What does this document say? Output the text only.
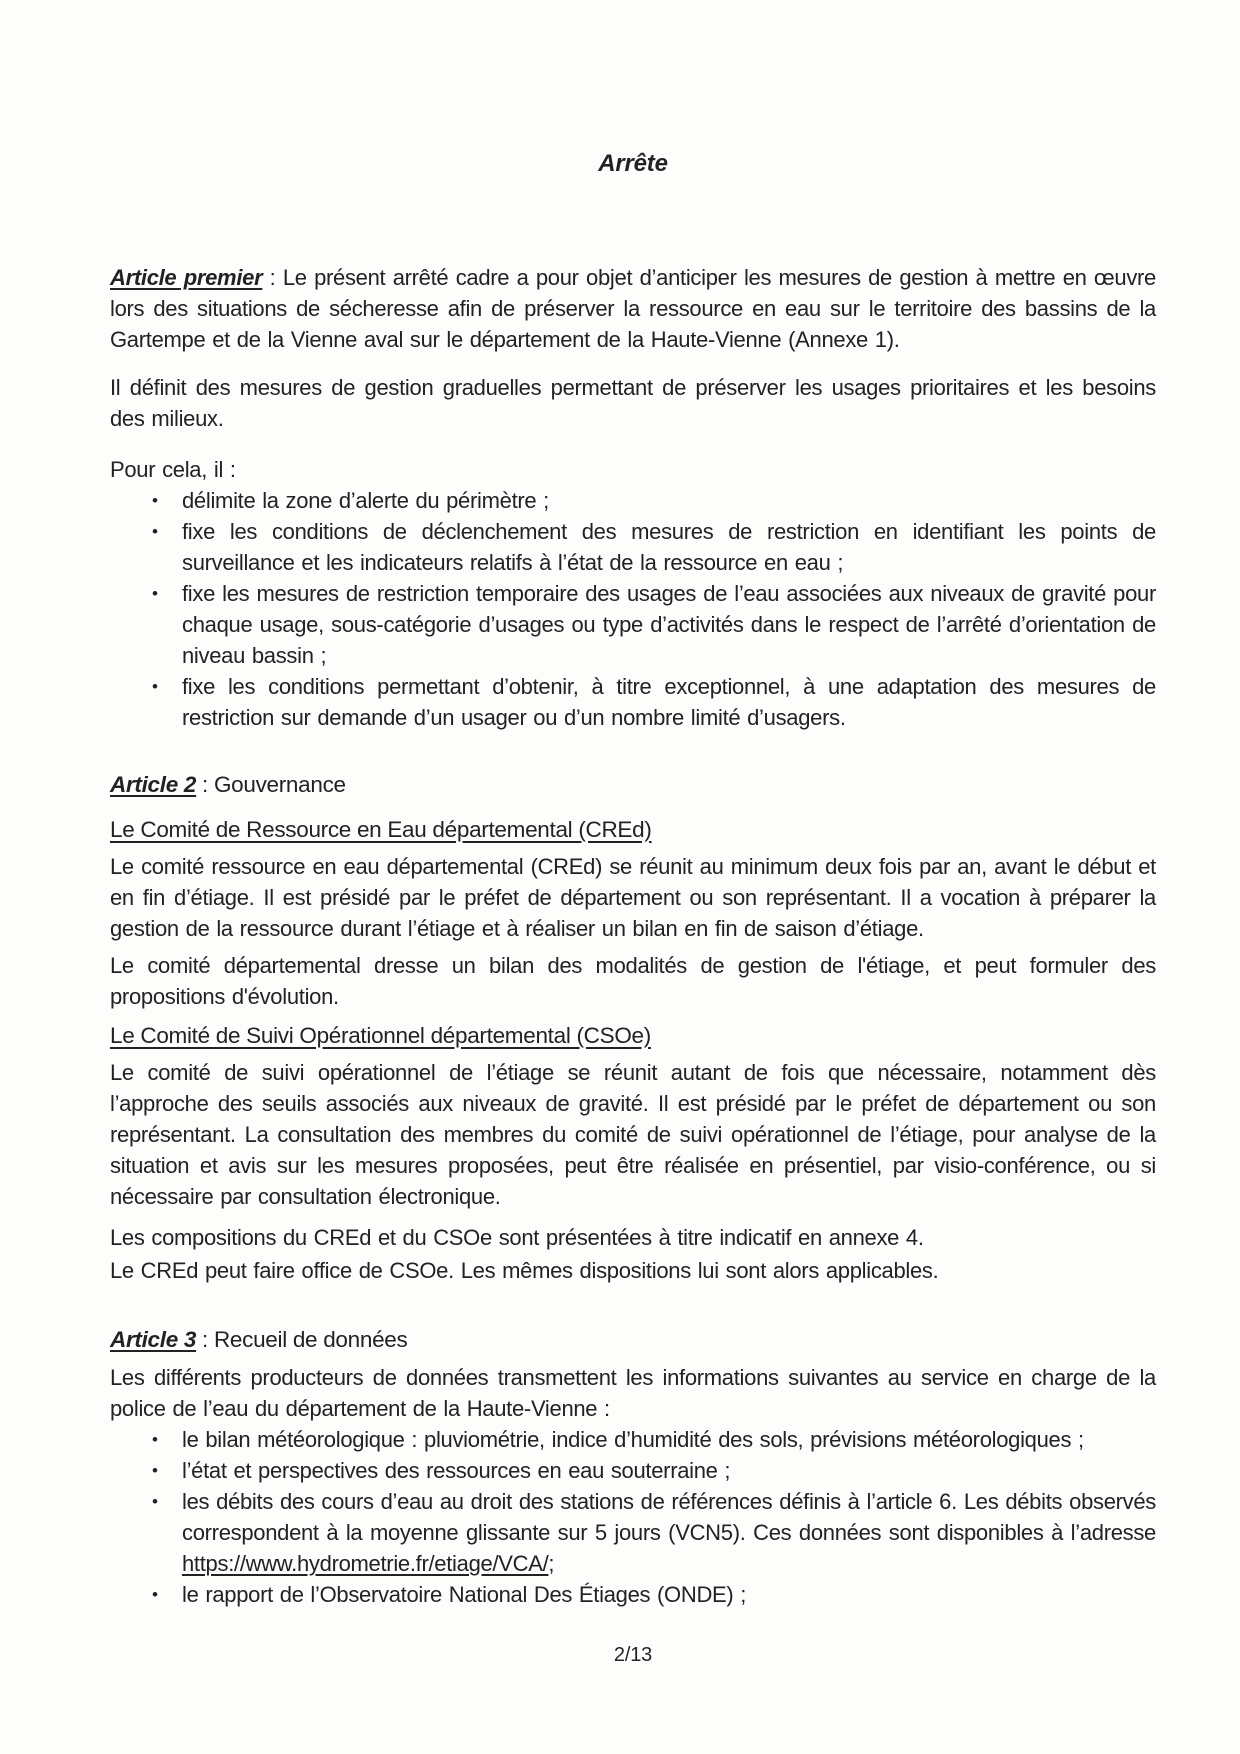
Arrête

Article premier : Le présent arrêté cadre a pour objet d’anticiper les mesures de gestion à mettre en œuvre lors des situations de sécheresse afin de préserver la ressource en eau sur le territoire des bassins de la Gartempe et de la Vienne aval sur le département de la Haute-Vienne (Annexe 1).

Il définit des mesures de gestion graduelles permettant de préserver les usages prioritaires et les besoins des milieux.

Pour cela, il :

•	délimite la zone d’alerte du périmètre ;
•	fixe les conditions de déclenchement des mesures de restriction en identifiant les points de surveillance et les indicateurs relatifs à l’état de la ressource en eau ;
•	fixe les mesures de restriction temporaire des usages de l’eau associées aux niveaux de gravité pour chaque usage, sous-catégorie d’usages ou type d’activités dans le respect de l’arrêté d’orientation de niveau bassin ;
•	fixe les conditions permettant d’obtenir, à titre exceptionnel, à une adaptation des mesures de restriction sur demande d’un usager ou d’un nombre limité d’usagers.
Article 2 : Gouvernance
Le Comité de Ressource en Eau départemental (CREd)

Le comité ressource en eau départemental (CREd) se réunit au minimum deux fois par an, avant le début et en fin d’étiage. Il est présidé par le préfet de département ou son représentant. Il a vocation à préparer la gestion de la ressource durant l’étiage et à réaliser un bilan en fin de saison d’étiage.

Le comité départemental dresse un bilan des modalités de gestion de l'étiage, et peut formuler des propositions d'évolution.

Le Comité de Suivi Opérationnel départemental (CSOe)

Le comité de suivi opérationnel de l’étiage se réunit autant de fois que nécessaire, notamment dès l’approche des seuils associés aux niveaux de gravité. Il est présidé par le préfet de département ou son représentant. La consultation des membres du comité de suivi opérationnel de l’étiage, pour analyse de la situation et avis sur les mesures proposées, peut être réalisée en présentiel, par visio-conférence, ou si nécessaire par consultation électronique.

Les compositions du CREd et du CSOe sont présentées à titre indicatif en annexe 4.

Le CREd peut faire office de CSOe. Les mêmes dispositions lui sont alors applicables.

Article 3 : Recueil de données

Les différents producteurs de données transmettent les informations suivantes au service en charge de la police de l’eau du département de la Haute-Vienne :

•	le bilan météorologique : pluviométrie, indice d’humidité des sols, prévisions météorologiques ;
•	l’état et perspectives des ressources en eau souterraine ;
•	les débits des cours d’eau au droit des stations de références définis à l’article 6. Les débits observés correspondent à la moyenne glissante sur 5 jours (VCN5). Ces données sont disponibles à l’adresse https://www.hydrometrie.fr/etiage/VCA/;
•	le rapport de l’Observatoire National Des Étiages (ONDE) ;
2/13
